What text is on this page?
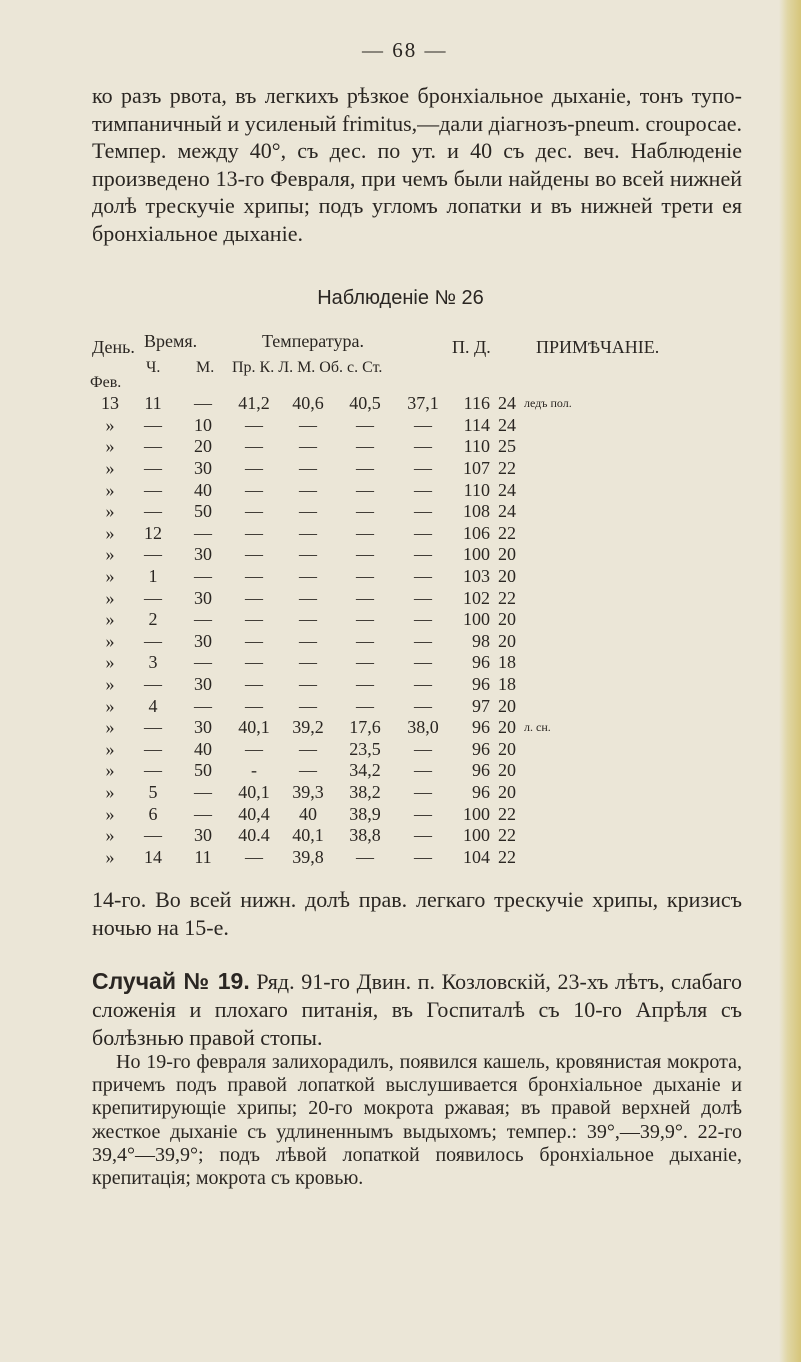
— 68 —
ко разъ рвота, въ легкихъ рѣзкое бронхіальное дыханіе, тонъ тупо-тимпаничный и усиленый frimitus,—дали діагнозъ-pneum. croupосae. Темпер. между 40°, съ дес. по ут. и 40 съ дес. веч. Наблюденіе произведено 13-го Февраля, при чемъ были найдены во всей нижней долѣ трескучіе хрипы; подъ угломъ лопатки и въ нижней трети ея бронхіальное дыханіе.
Наблюденіе № 26
День. Время.	Температура.	П. Д.	ПРИМѢЧАНІЕ.
Ч. М. Пр. К. Л. М. Об. с. Ст.
Фев.
13	11	—	41,2	40,6	40,5	37,1	116	24	ледъ пол.
»	—	10	—	—	—	—	114	24	
»	—	20	—	—	—	—	110	25	
»	—	30	—	—	—	—	107	22	
»	—	40	—	—	—	—	110	24	
»	—	50	—	—	—	—	108	24	
»	12	—	—	—	—	—	106	22	
»	—	30	—	—	—	—	100	20	
»	1	—	—	—	—	—	103	20	
»	—	30	—	—	—	—	102	22	
»	2	—	—	—	—	—	100	20	
»	—	30	—	—	—	—	98	20	
»	3	—	—	—	—	—	96	18	
»	—	30	—	—	—	—	96	18	
»	4	—	—	—	—	—	97	20	
»	—	30	40,1	39,2	17,6	38,0	96	20	л. сн.
»	—	40	—	—	23,5	—	96	20	
»	—	50	-	—	34,2	—	96	20	
»	5	—	40,1	39,3	38,2	—	96	20	
»	6	—	40,4	40	38,9	—	100	22	
»	—	30	40.4	40,1	38,8	—	100	22	
»	14	11	—	39,8	—	—	104	22	
14-го. Во всей нижн. долѣ прав. легкаго трескучіе хрипы, кризисъ ночью на 15-е.
Случай № 19. Ряд. 91-го Двин. п. Козловскій, 23-хъ лѣтъ, слабаго сложенія и плохаго питанія, въ Госпиталѣ съ 10-го Апрѣля съ болѣзнью правой стопы.
Но 19-го февраля залихорадилъ, появился кашель, кровянистая мокрота, причемъ подъ правой лопаткой выслушивается бронхіальное дыханіе и крепитирующіе хрипы; 20-го мокрота ржавая; въ правой верхней долѣ жесткое дыханіе съ удлиненнымъ выдыхомъ; темпер.: 39°,—39,9°. 22-го 39,4°—39,9°; подъ лѣвой лопаткой появилось бронхіальное дыханіе, крепитація; мокрота съ кровью.
